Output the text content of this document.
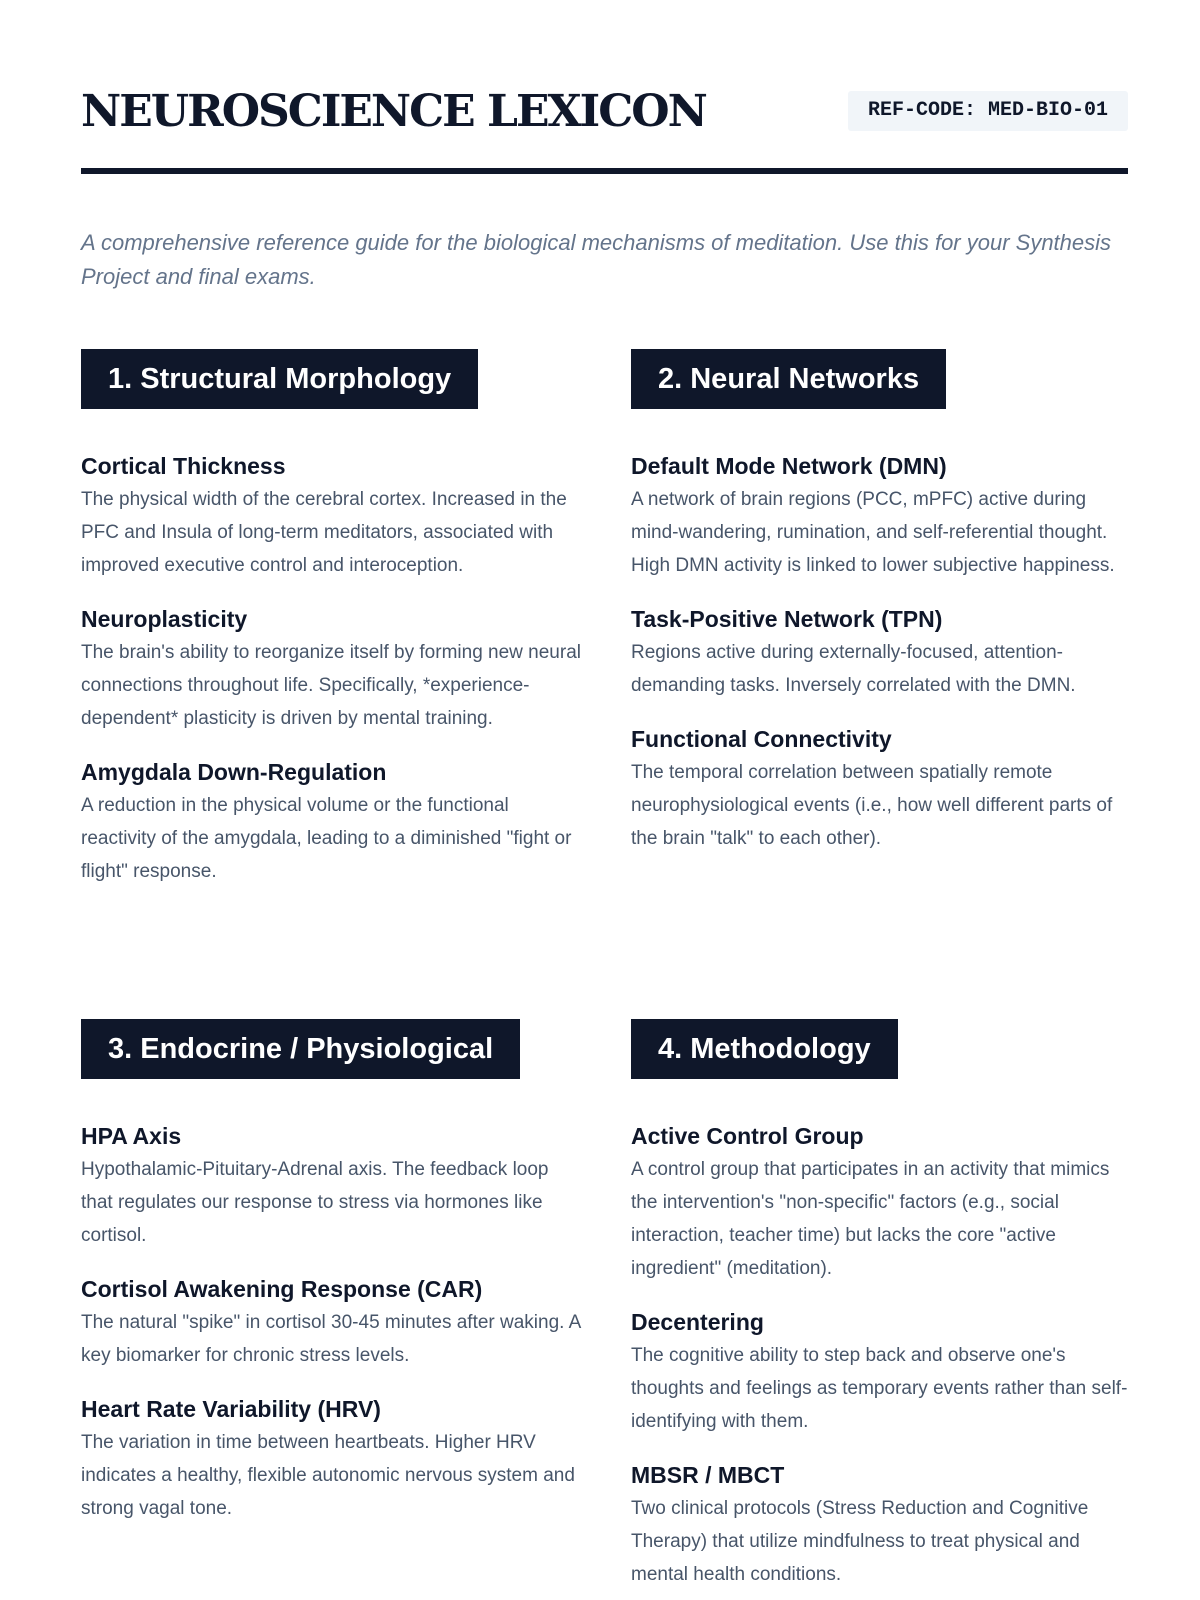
NEUROSCIENCE LEXICON	REF-CODE: MED-BIO-01

A comprehensive reference guide for the biological mechanisms of meditation. Use this for your Synthesis Project and final exams.

1. Structural Morphology
Cortical Thickness

The physical width of the cerebral cortex. Increased in the PFC and Insula of long-term meditators, associated with improved executive control and interoception.

Neuroplasticity

The brain's ability to reorganize itself by forming new neural connections throughout life. Specifically, *experience-dependent* plasticity is driven by mental training.

Amygdala Down-Regulation

A reduction in the physical volume or the functional reactivity of the amygdala, leading to a diminished "fight or flight" response.

2. Neural Networks
Default Mode Network (DMN)

A network of brain regions (PCC, mPFC) active during mind-wandering, rumination, and self-referential thought. High DMN activity is linked to lower subjective happiness.

Task-Positive Network (TPN)

Regions active during externally-focused, attention-demanding tasks. Inversely correlated with the DMN.

Functional Connectivity

The temporal correlation between spatially remote neurophysiological events (i.e., how well different parts of the brain "talk" to each other).

3. Endocrine / Physiological
HPA Axis

Hypothalamic-Pituitary-Adrenal axis. The feedback loop that regulates our response to stress via hormones like cortisol.

Cortisol Awakening Response (CAR)

The natural "spike" in cortisol 30-45 minutes after waking. A key biomarker for chronic stress levels.

Heart Rate Variability (HRV)

The variation in time between heartbeats. Higher HRV indicates a healthy, flexible autonomic nervous system and strong vagal tone.

4. Methodology
Active Control Group

A control group that participates in an activity that mimics the intervention's "non-specific" factors (e.g., social interaction, teacher time) but lacks the core "active ingredient" (meditation).

Decentering

The cognitive ability to step back and observe one's thoughts and feelings as temporary events rather than self-identifying with them.

MBSR / MBCT

Two clinical protocols (Stress Reduction and Cognitive Therapy) that utilize mindfulness to treat physical and mental health conditions.
